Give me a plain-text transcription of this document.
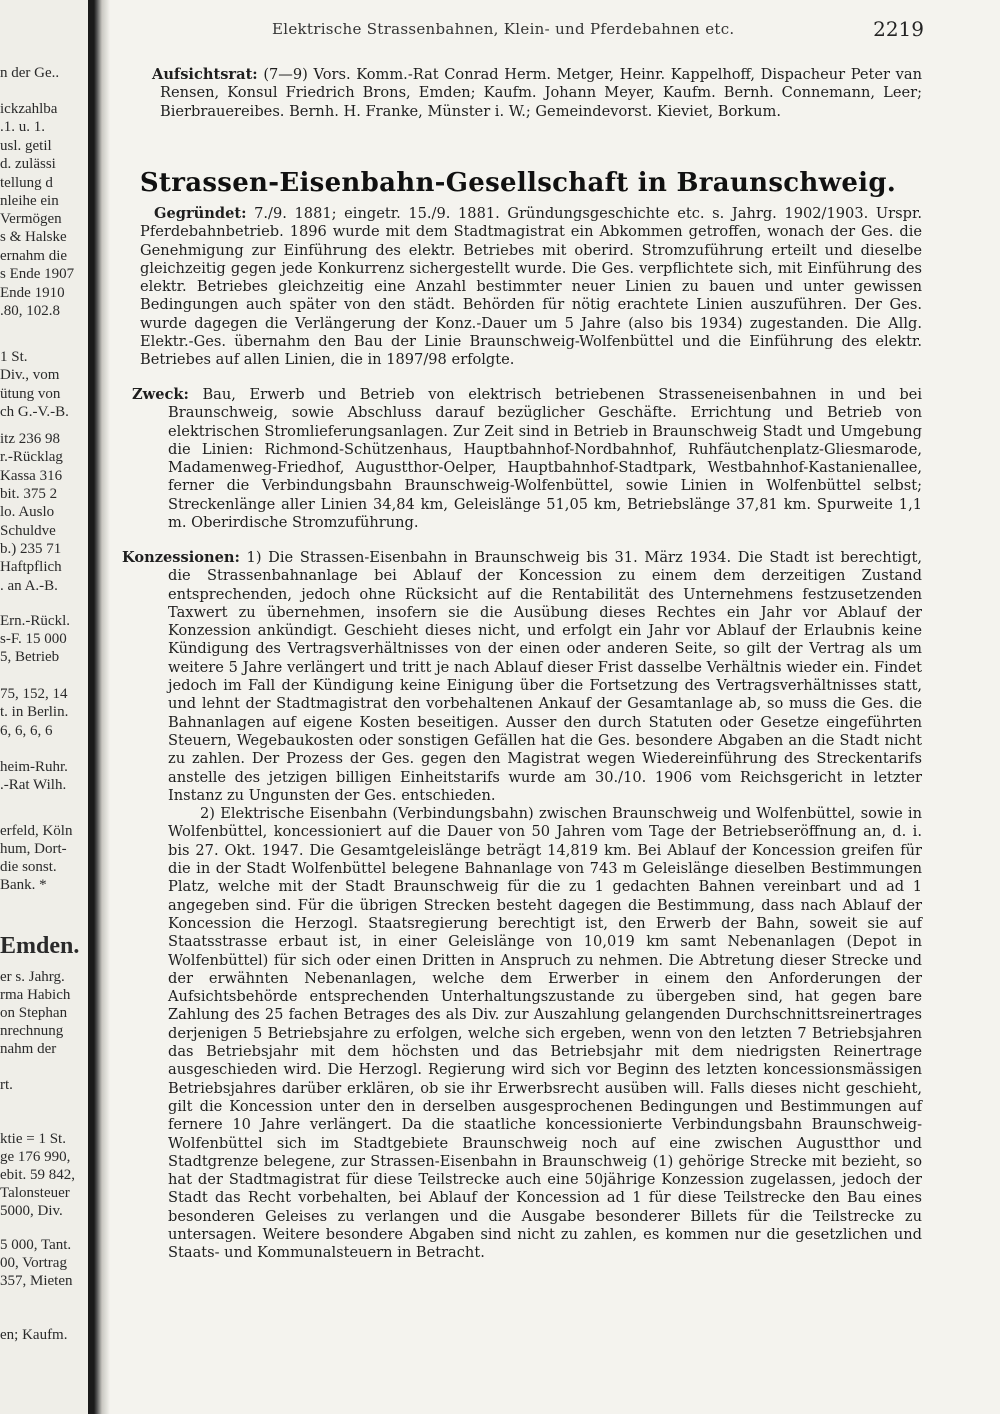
n der Ge..
ickzahlba
.1. u. 1.
usl. getil
d. zulässi
tellung d
nleihe ein
Vermögen
s & Halske
ernahm die
s Ende 1907
Ende 1910
.80, 102.8
1 St.
Div., vom
ütung von
ch G.-V.-B.
itz 236 98
r.-Rücklag
Kassa 316
bit. 375 2
lo. Auslo
Schuldve
b.) 235 71
Haftpflich
. an A.-B.
Ern.-Rückl.
s-F. 15 000
5, Betrieb
75, 152, 14
t. in Berlin.
6, 6, 6, 6
heim-Ruhr.
.-Rat Wilh.
erfeld, Köln
hum, Dort-
die sonst.
Bank. *
Emden.
er s. Jahrg.
rma Habich
on Stephan
nrechnung
nahm der
rt.
ktie = 1 St.
ge 176 990,
ebit. 59 842,
Talonsteuer
5000, Div.
5 000, Tant.
00, Vortrag
357, Mieten
en; Kaufm.
Elektrische Strassenbahnen, Klein- und Pferdebahnen etc.	2219

Aufsichtsrat: (7—9) Vors. Komm.-Rat Conrad Herm. Metger, Heinr. Kappelhoff, Dispacheur Peter van Rensen, Konsul Friedrich Brons, Emden; Kaufm. Johann Meyer, Kaufm. Bernh. Connemann, Leer; Bierbrauereibes. Bernh. H. Franke, Münster i. W.; Gemeindevorst. Kieviet, Borkum.

Strassen-Eisenbahn-Gesellschaft in Braunschweig.

Gegründet: 7./9. 1881; eingetr. 15./9. 1881. Gründungsgeschichte etc. s. Jahrg. 1902/1903. Urspr. Pferdebahnbetrieb. 1896 wurde mit dem Stadtmagistrat ein Abkommen getroffen, wonach der Ges. die Genehmigung zur Einführung des elektr. Betriebes mit oberird. Stromzuführung erteilt und dieselbe gleichzeitig gegen jede Konkurrenz sichergestellt wurde. Die Ges. verpflichtete sich, mit Einführung des elektr. Betriebes gleichzeitig eine Anzahl bestimmter neuer Linien zu bauen und unter gewissen Bedingungen auch später von den städt. Behörden für nötig erachtete Linien auszuführen. Der Ges. wurde dagegen die Verlängerung der Konz.-Dauer um 5 Jahre (also bis 1934) zugestanden. Die Allg. Elektr.-Ges. übernahm den Bau der Linie Braunschweig-Wolfenbüttel und die Einführung des elektr. Betriebes auf allen Linien, die in 1897/98 erfolgte.

Zweck: Bau, Erwerb und Betrieb von elektrisch betriebenen Strasseneisenbahnen in und bei Braunschweig, sowie Abschluss darauf bezüglicher Geschäfte. Errichtung und Betrieb von elektrischen Stromlieferungsanlagen. Zur Zeit sind in Betrieb in Braunschweig Stadt und Umgebung die Linien: Richmond-Schützenhaus, Hauptbahnhof-Nordbahnhof, Ruhfäutchenplatz-Gliesmarode, Madamenweg-Friedhof, Augustthor-Oelper, Hauptbahnhof-Stadtpark, Westbahnhof-Kastanienallee, ferner die Verbindungsbahn Braunschweig-Wolfenbüttel, sowie Linien in Wolfenbüttel selbst; Streckenlänge aller Linien 34,84 km, Geleislänge 51,05 km, Betriebslänge 37,81 km. Spurweite 1,1 m. Oberirdische Stromzuführung.

Konzessionen: 1) Die Strassen-Eisenbahn in Braunschweig bis 31. März 1934. Die Stadt ist berechtigt, die Strassenbahnanlage bei Ablauf der Koncession zu einem dem derzeitigen Zustand entsprechenden, jedoch ohne Rücksicht auf die Rentabilität des Unternehmens festzusetzenden Taxwert zu übernehmen, insofern sie die Ausübung dieses Rechtes ein Jahr vor Ablauf der Konzession ankündigt. Geschieht dieses nicht, und erfolgt ein Jahr vor Ablauf der Erlaubnis keine Kündigung des Vertragsverhältnisses von der einen oder anderen Seite, so gilt der Vertrag als um weitere 5 Jahre verlängert und tritt je nach Ablauf dieser Frist dasselbe Verhältnis wieder ein. Findet jedoch im Fall der Kündigung keine Einigung über die Fortsetzung des Vertragsverhältnisses statt, und lehnt der Stadtmagistrat den vorbehaltenen Ankauf der Gesamtanlage ab, so muss die Ges. die Bahnanlagen auf eigene Kosten beseitigen. Ausser den durch Statuten oder Gesetze eingeführten Steuern, Wegebaukosten oder sonstigen Gefällen hat die Ges. besondere Abgaben an die Stadt nicht zu zahlen. Der Prozess der Ges. gegen den Magistrat wegen Wiedereinführung des Streckentarifs anstelle des jetzigen billigen Einheitstarifs wurde am 30./10. 1906 vom Reichsgericht in letzter Instanz zu Ungunsten der Ges. entschieden.

2) Elektrische Eisenbahn (Verbindungsbahn) zwischen Braunschweig und Wolfenbüttel, sowie in Wolfenbüttel, koncessioniert auf die Dauer von 50 Jahren vom Tage der Betriebseröffnung an, d. i. bis 27. Okt. 1947. Die Gesamtgeleislänge beträgt 14,819 km. Bei Ablauf der Koncession greifen für die in der Stadt Wolfenbüttel belegene Bahnanlage von 743 m Geleislänge dieselben Bestimmungen Platz, welche mit der Stadt Braunschweig für die zu 1 gedachten Bahnen vereinbart und ad 1 angegeben sind. Für die übrigen Strecken besteht dagegen die Bestimmung, dass nach Ablauf der Koncession die Herzogl. Staatsregierung berechtigt ist, den Erwerb der Bahn, soweit sie auf Staatsstrasse erbaut ist, in einer Geleislänge von 10,019 km samt Nebenanlagen (Depot in Wolfenbüttel) für sich oder einen Dritten in Anspruch zu nehmen. Die Abtretung dieser Strecke und der erwähnten Nebenanlagen, welche dem Erwerber in einem den Anforderungen der Aufsichtsbehörde entsprechenden Unterhaltungszustande zu übergeben sind, hat gegen bare Zahlung des 25 fachen Betrages des als Div. zur Auszahlung gelangenden Durchschnittsreinertrages derjenigen 5 Betriebsjahre zu erfolgen, welche sich ergeben, wenn von den letzten 7 Betriebsjahren das Betriebsjahr mit dem höchsten und das Betriebsjahr mit dem niedrigsten Reinertrage ausgeschieden wird. Die Herzogl. Regierung wird sich vor Beginn des letzten koncessionsmässigen Betriebsjahres darüber erklären, ob sie ihr Erwerbsrecht ausüben will. Falls dieses nicht geschieht, gilt die Koncession unter den in derselben ausgesprochenen Bedingungen und Bestimmungen auf fernere 10 Jahre verlängert. Da die staatliche koncessionierte Verbindungsbahn Braunschweig-Wolfenbüttel sich im Stadtgebiete Braunschweig noch auf eine zwischen Augustthor und Stadtgrenze belegene, zur Strassen-Eisenbahn in Braunschweig (1) gehörige Strecke mit bezieht, so hat der Stadtmagistrat für diese Teilstrecke auch eine 50jährige Konzession zugelassen, jedoch der Stadt das Recht vorbehalten, bei Ablauf der Koncession ad 1 für diese Teilstrecke den Bau eines besonderen Geleises zu verlangen und die Ausgabe besonderer Billets für die Teilstrecke zu untersagen. Weitere besondere Abgaben sind nicht zu zahlen, es kommen nur die gesetzlichen und Staats- und Kommunalsteuern in Betracht.
